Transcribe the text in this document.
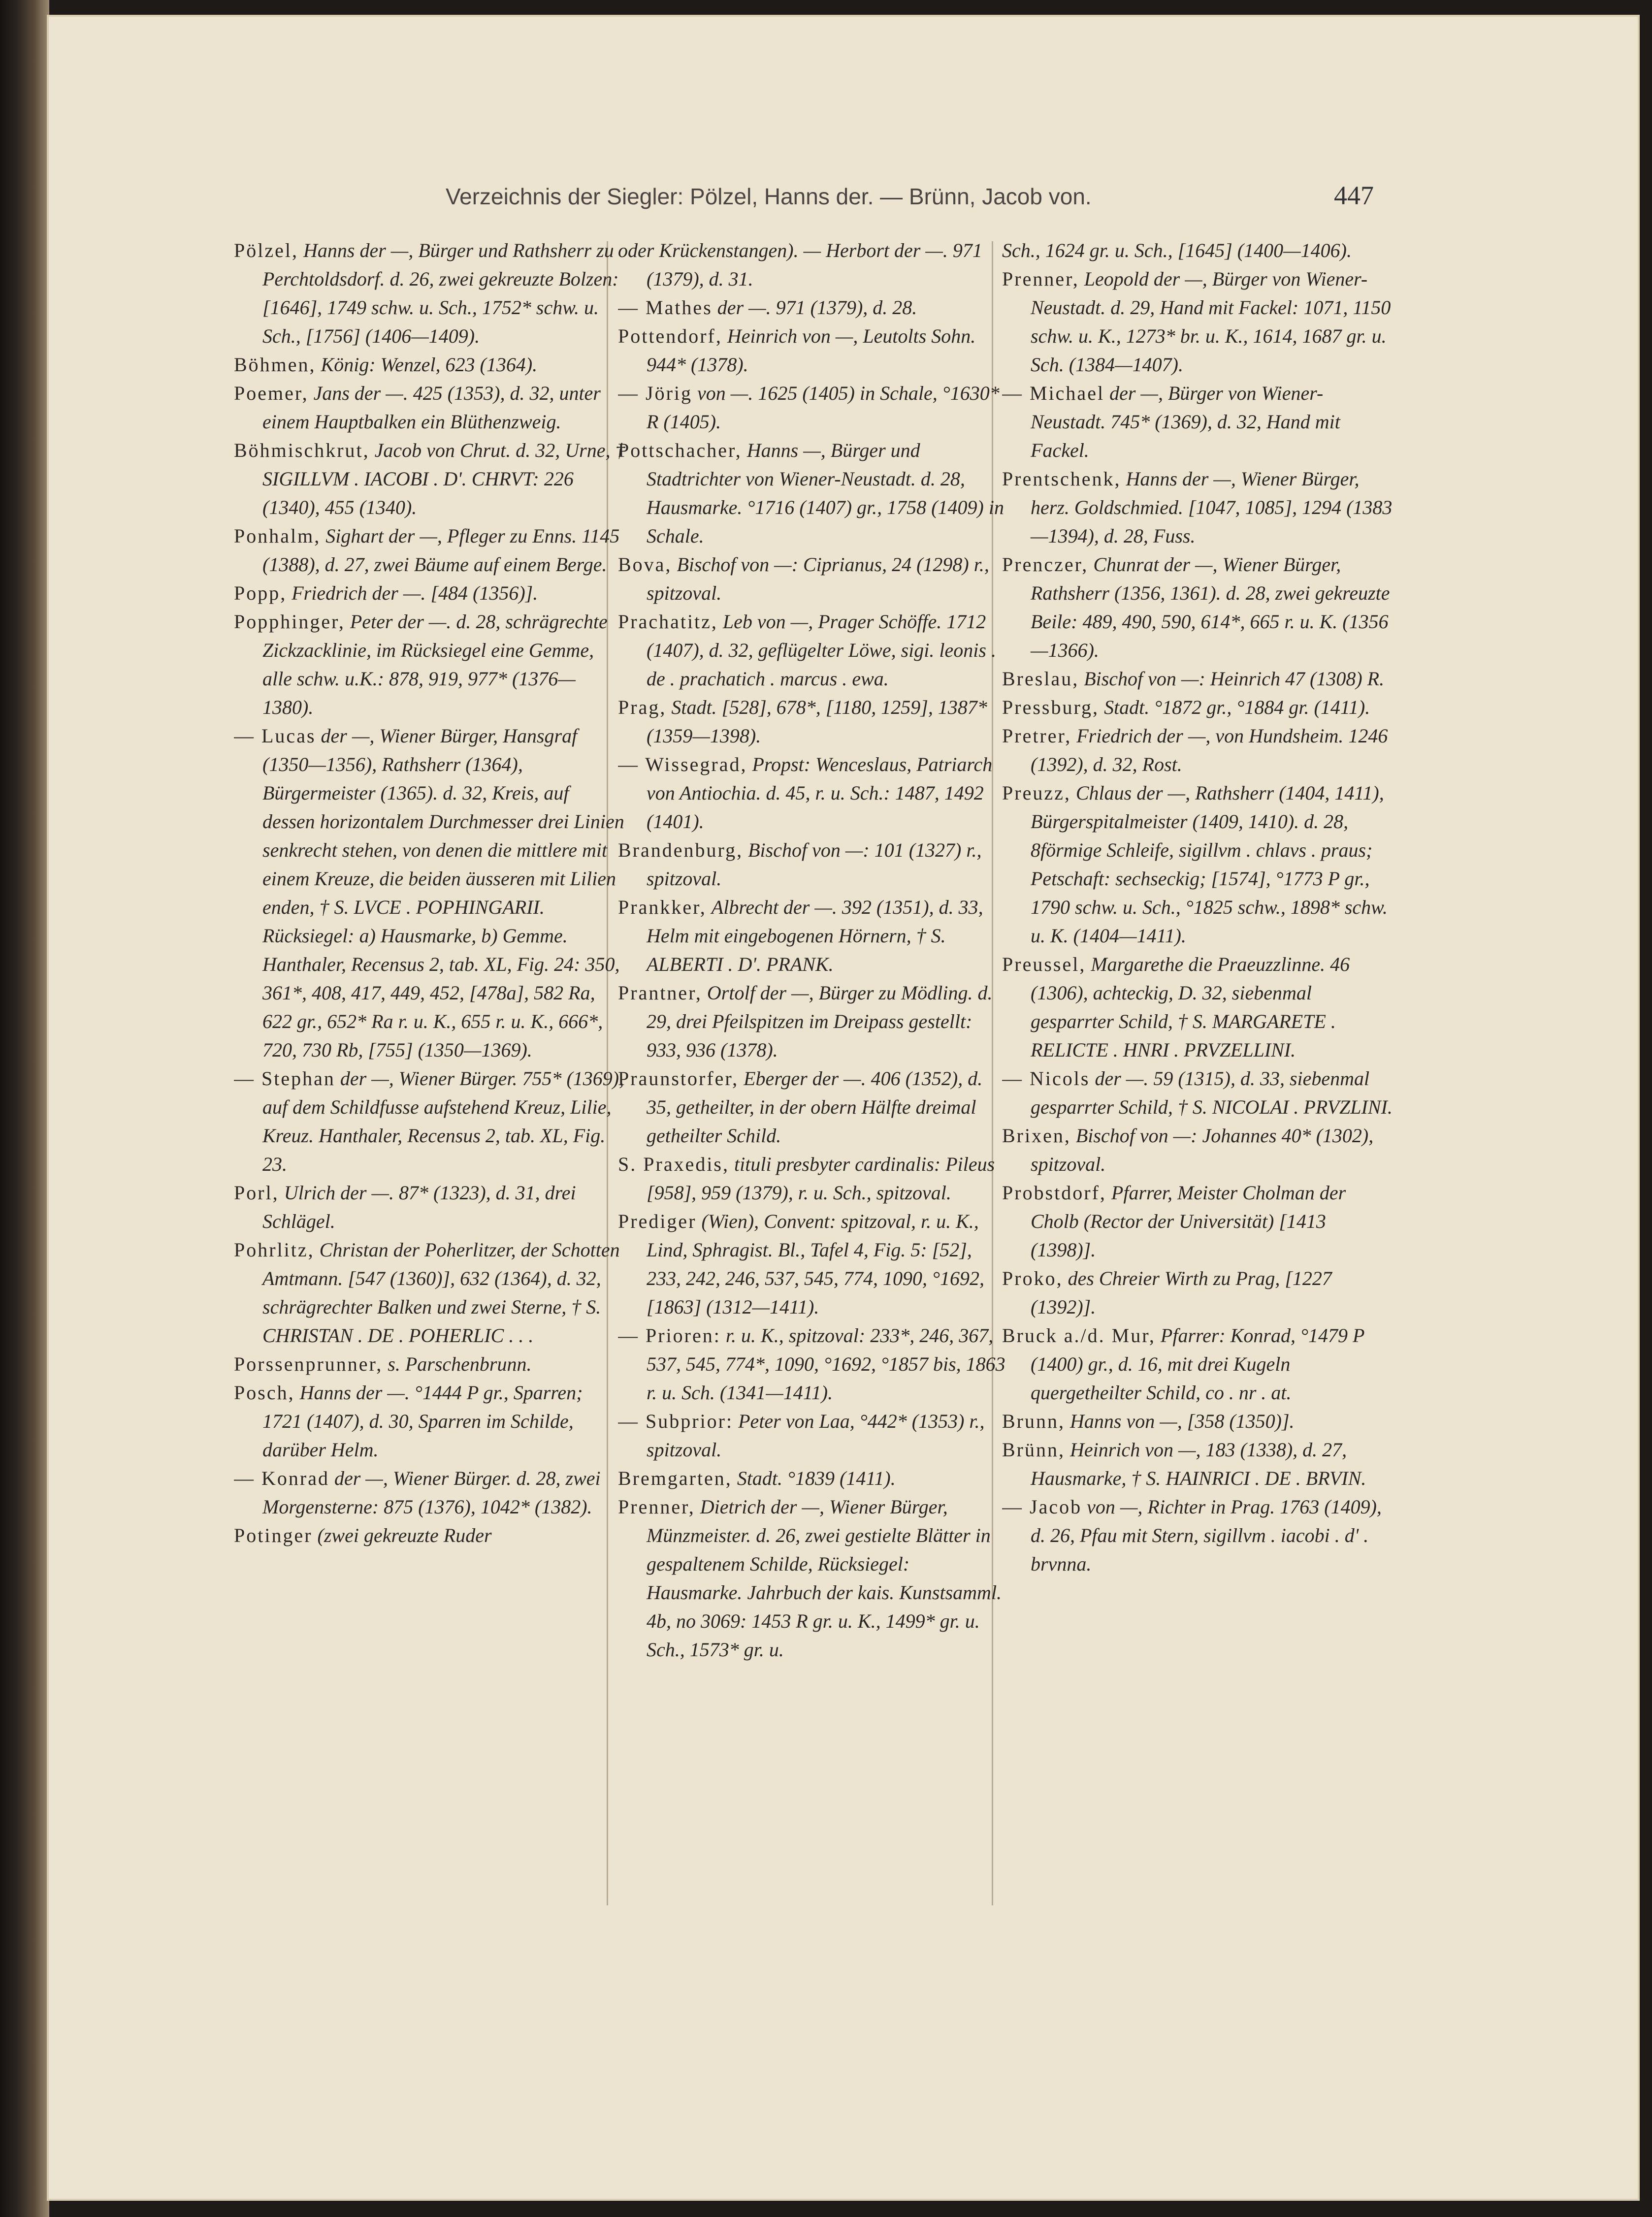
Verzeichnis der Siegler: Pölzel, Hanns der. — Brünn, Jacob von.	447

Pölzel, Hanns der —, Bürger und Rathsherr zu Perchtoldsdorf. d. 26, zwei gekreuzte Bolzen: [1646], 1749 schw. u. Sch., 1752* schw. u. Sch., [1756] (1406—1409).

Böhmen, König: Wenzel, 623 (1364).

Poemer, Jans der —. 425 (1353), d. 32, unter einem Hauptbalken ein Blüthenzweig.

Böhmischkrut, Jacob von Chrut. d. 32, Urne, † SIGILLVM . IACOBI . D'. CHRVT: 226 (1340), 455 (1340).

Ponhalm, Sighart der —, Pfleger zu Enns. 1145 (1388), d. 27, zwei Bäume auf einem Berge.

Popp, Friedrich der —. [484 (1356)].

Popphinger, Peter der —. d. 28, schrägrechte Zickzacklinie, im Rücksiegel eine Gemme, alle schw. u.K.: 878, 919, 977* (1376—1380).

— Lucas der —, Wiener Bürger, Hansgraf (1350—1356), Rathsherr (1364), Bürgermeister (1365). d. 32, Kreis, auf dessen horizontalem Durchmesser drei Linien senkrecht stehen, von denen die mittlere mit einem Kreuze, die beiden äusseren mit Lilien enden, † S. LVCE . POPHINGARII. Rücksiegel: a) Hausmarke, b) Gemme. Hanthaler, Recensus 2, tab. XL, Fig. 24: 350, 361*, 408, 417, 449, 452, [478a], 582 Ra, 622 gr., 652* Ra r. u. K., 655 r. u. K., 666*, 720, 730 Rb, [755] (1350—1369).

— Stephan der —, Wiener Bürger. 755* (1369), auf dem Schildfusse aufstehend Kreuz, Lilie, Kreuz. Hanthaler, Recensus 2, tab. XL, Fig. 23.

Porl, Ulrich der —. 87* (1323), d. 31, drei Schlägel.

Pohrlitz, Christan der Poherlitzer, der Schotten Amtmann. [547 (1360)], 632 (1364), d. 32, schrägrechter Balken und zwei Sterne, † S. CHRISTAN . DE . POHERLIC . . .

Porssenprunner, s. Parschenbrunn.

Posch, Hanns der —. °1444 P gr., Sparren; 1721 (1407), d. 30, Sparren im Schilde, darüber Helm.

— Konrad der —, Wiener Bürger. d. 28, zwei Morgensterne: 875 (1376), 1042* (1382).

Potinger (zwei gekreuzte Ruder

oder Krückenstangen). — Herbort der —. 971 (1379), d. 31.

— Mathes der —. 971 (1379), d. 28.

Pottendorf, Heinrich von —, Leutolts Sohn. 944* (1378).

— Jörig von —. 1625 (1405) in Schale, °1630* R (1405).

Pottschacher, Hanns —, Bürger und Stadtrichter von Wiener-Neustadt. d. 28, Hausmarke. °1716 (1407) gr., 1758 (1409) in Schale.

Bova, Bischof von —: Ciprianus, 24 (1298) r., spitzoval.

Prachatitz, Leb von —, Prager Schöffe. 1712 (1407), d. 32, geflügelter Löwe, sigi. leonis . de . prachatich . marcus . ewa.

Prag, Stadt. [528], 678*, [1180, 1259], 1387* (1359—1398).

— Wissegrad, Propst: Wenceslaus, Patriarch von Antiochia. d. 45, r. u. Sch.: 1487, 1492 (1401).

Brandenburg, Bischof von —: 101 (1327) r., spitzoval.

Prankker, Albrecht der —. 392 (1351), d. 33, Helm mit eingebogenen Hörnern, † S. ALBERTI . D'. PRANK.

Prantner, Ortolf der —, Bürger zu Mödling. d. 29, drei Pfeilspitzen im Dreipass gestellt: 933, 936 (1378).

Praunstorfer, Eberger der —. 406 (1352), d. 35, getheilter, in der obern Hälfte dreimal getheilter Schild.

S. Praxedis, tituli presbyter cardinalis: Pileus [958], 959 (1379), r. u. Sch., spitzoval.

Prediger (Wien), Convent: spitzoval, r. u. K., Lind, Sphragist. Bl., Tafel 4, Fig. 5: [52], 233, 242, 246, 537, 545, 774, 1090, °1692, [1863] (1312—1411).

— Prioren: r. u. K., spitzoval: 233*, 246, 367, 537, 545, 774*, 1090, °1692, °1857 bis, 1863 r. u. Sch. (1341—1411).

— Subprior: Peter von Laa, °442* (1353) r., spitzoval.

Bremgarten, Stadt. °1839 (1411).

Prenner, Dietrich der —, Wiener Bürger, Münzmeister. d. 26, zwei gestielte Blätter in gespaltenem Schilde, Rücksiegel: Hausmarke. Jahrbuch der kais. Kunstsamml. 4b, no 3069: 1453 R gr. u. K., 1499* gr. u. Sch., 1573* gr. u.

Sch., 1624 gr. u. Sch., [1645] (1400—1406).

Prenner, Leopold der —, Bürger von Wiener-Neustadt. d. 29, Hand mit Fackel: 1071, 1150 schw. u. K., 1273* br. u. K., 1614, 1687 gr. u. Sch. (1384—1407).

— Michael der —, Bürger von Wiener-Neustadt. 745* (1369), d. 32, Hand mit Fackel.

Prentschenk, Hanns der —, Wiener Bürger, herz. Goldschmied. [1047, 1085], 1294 (1383—1394), d. 28, Fuss.

Prenczer, Chunrat der —, Wiener Bürger, Rathsherr (1356, 1361). d. 28, zwei gekreuzte Beile: 489, 490, 590, 614*, 665 r. u. K. (1356—1366).

Breslau, Bischof von —: Heinrich 47 (1308) R.

Pressburg, Stadt. °1872 gr., °1884 gr. (1411).

Pretrer, Friedrich der —, von Hundsheim. 1246 (1392), d. 32, Rost.

Preuzz, Chlaus der —, Rathsherr (1404, 1411), Bürgerspitalmeister (1409, 1410). d. 28, 8förmige Schleife, sigillvm . chlavs . praus; Petschaft: sechseckig; [1574], °1773 P gr., 1790 schw. u. Sch., °1825 schw., 1898* schw. u. K. (1404—1411).

Preussel, Margarethe die Praeuzzlinne. 46 (1306), achteckig, D. 32, siebenmal gesparrter Schild, † S. MARGARETE . RELICTE . HNRI . PRVZELLINI.

— Nicols der —. 59 (1315), d. 33, siebenmal gesparrter Schild, † S. NICOLAI . PRVZLINI.

Brixen, Bischof von —: Johannes 40* (1302), spitzoval.

Probstdorf, Pfarrer, Meister Cholman der Cholb (Rector der Universität) [1413 (1398)].

Proko, des Chreier Wirth zu Prag, [1227 (1392)].

Bruck a./d. Mur, Pfarrer: Konrad, °1479 P (1400) gr., d. 16, mit drei Kugeln quergetheilter Schild, co . nr . at.

Brunn, Hanns von —, [358 (1350)].

Brünn, Heinrich von —, 183 (1338), d. 27, Hausmarke, † S. HAINRICI . DE . BRVIN.

— Jacob von —, Richter in Prag. 1763 (1409), d. 26, Pfau mit Stern, sigillvm . iacobi . d' . brvnna.
